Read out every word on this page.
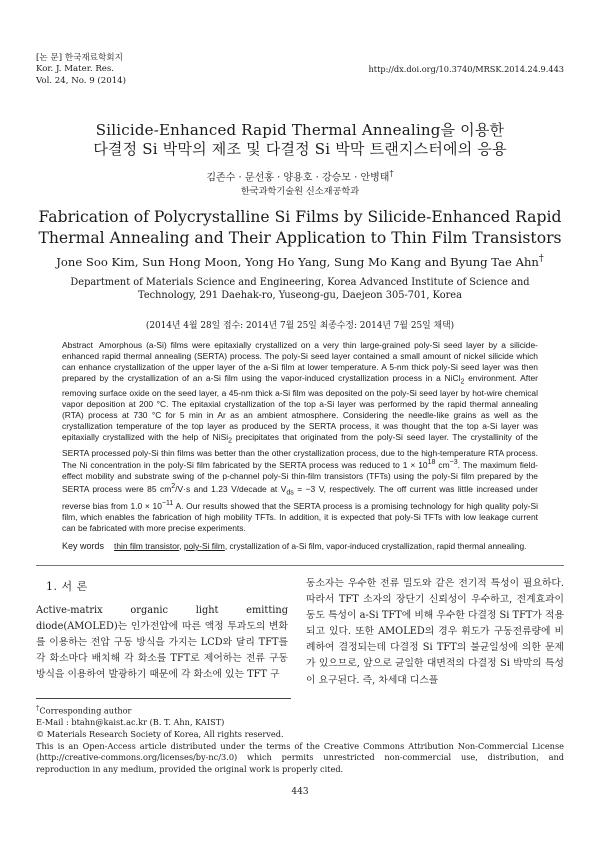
[논 문] 한국재료학회지
Kor. J. Mater. Res.
Vol. 24, No. 9 (2014)
http://dx.doi.org/10.3740/MRSK.2014.24.9.443
Silicide-Enhanced Rapid Thermal Annealing을 이용한
다결정 Si 박막의 제조 및 다결정 Si 박막 트랜지스터에의 응용
김존수 · 문선홍 · 양용호 · 강승모 · 안병태†
한국과학기술원 신소재공학과
Fabrication of Polycrystalline Si Films by Silicide-Enhanced Rapid
Thermal Annealing and Their Application to Thin Film Transistors
Jone Soo Kim, Sun Hong Moon, Yong Ho Yang, Sung Mo Kang and Byung Tae Ahn†
Department of Materials Science and Engineering, Korea Advanced Institute of Science and
Technology, 291 Daehak-ro, Yuseong-gu, Daejeon 305-701, Korea
(2014년 4월 28일 접수: 2014년 7월 25일 최종수정: 2014년 7월 25일 채택)

Abstract Amorphous (a-Si) films were epitaxially crystallized on a very thin large-grained poly-Si seed layer by a silicide-enhanced rapid thermal annealing (SERTA) process. The poly-Si seed layer contained a small amount of nickel silicide which can enhance crystallization of the upper layer of the a-Si film at lower temperature. A 5-nm thick poly-Si seed layer was then prepared by the crystallization of an a-Si film using the vapor-induced crystallization process in a NiCl$_2$ environment. After removing surface oxide on the seed layer, a 45-nm thick a-Si film was deposited on the poly-Si seed layer by hot-wire chemical vapor deposition at 200 °C. The epitaxial crystallization of the top a-Si layer was performed by the rapid thermal annealing (RTA) process at 730 °C for 5 min in Ar as an ambient atmosphere. Considering the needle-like grains as well as the crystallization temperature of the top layer as produced by the SERTA process, it was thought that the top a-Si layer was epitaxially crystallized with the help of NiSi$_2$ precipitates that originated from the poly-Si seed layer. The crystallinity of the SERTA processed poly-Si thin films was better than the other crystallization process, due to the high-temperature RTA process. The Ni concentration in the poly-Si film fabricated by the SERTA process was reduced to $1 \times 10^{18}$ $cm^{-3}$. The maximum field-effect mobility and substrate swing of the p-channel poly-Si thin-film transistors (TFTs) using the poly-Si film prepared by the SERTA process were 85 $cm^2/V\cdot s$ and 1.23 V/decade at $V_{ds} = -3$ V, respectively. The off current was little increased under reverse bias from $1.0 \times 10^{-11}$ A. Our results showed that the SERTA process is a promising technology for high quality poly-Si film, which enables the fabrication of high mobility TFTs. In addition, it is expected that poly-Si TFTs with low leakage current can be fabricated with more precise experiments.

Key words thin film transistor, poly-Si film, crystallization of a-Si film, vapor-induced crystallization, rapid thermal annealing.
1. 서 론

Active-matrix organic light emitting diode(AMOLED)는 인가전압에 따른 액정 투과도의 변화를 이용하는 전압 구동 방식을 가지는 LCD와 달리 TFT를 각 화소마다 배치해 각 화소를 TFT로 제어하는 전류 구동 방식을 이용하여 발광하기 때문에 각 화소에 있는 TFT 구

동소자는 우수한 전류 밀도와 같은 전기적 특성이 필요하다. 따라서 TFT 소자의 장단기 신뢰성이 우수하고, 전계효과이동도 특성이 a-Si TFT에 비해 우수한 다결정 Si TFT가 적용되고 있다. 또한 AMOLED의 경우 휘도가 구동전류량에 비례하여 결정되는데 다결정 Si TFT의 불균일성에 의한 문제가 있으므로, 앞으로 균일한 대면적의 다결정 Si 박막의 특성이 요구된다. 즉, 차세대 디스플

†Corresponding author

E-Mail : btahn@kaist.ac.kr (B. T. Ahn, KAIST)

© Materials Research Society of Korea, All rights reserved.

This is an Open-Access article distributed under the terms of the Creative Commons Attribution Non-Commercial License (http://creative-commons.org/licenses/by-nc/3.0) which permits unrestricted non-commercial use, distribution, and reproduction in any medium, provided the original work is properly cited.

443
